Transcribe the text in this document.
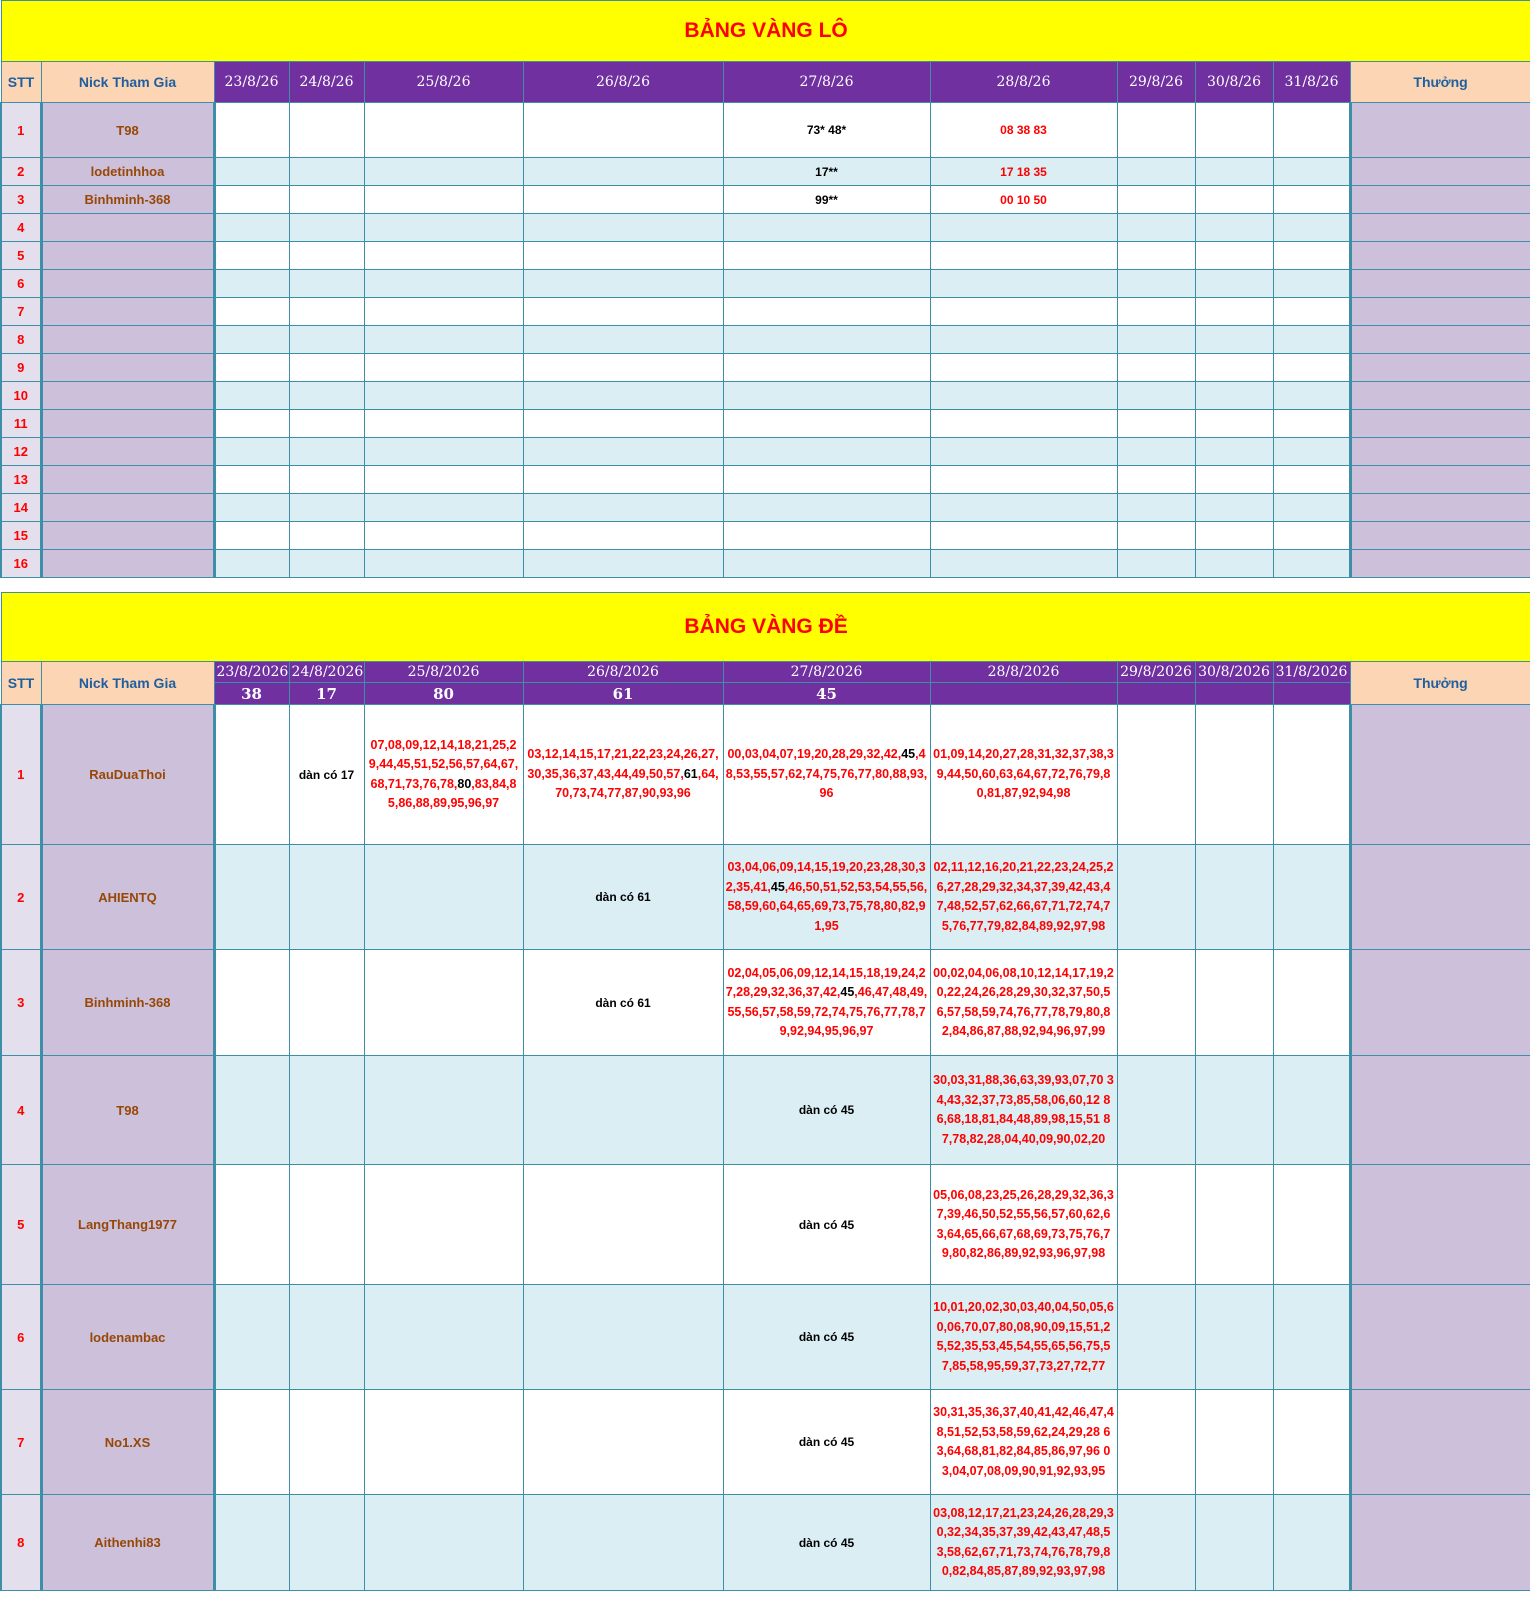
BẢNG VÀNG LÔ											
STT	Nick Tham Gia	23/8/26	24/8/26	25/8/26	26/8/26	27/8/26	28/8/26	29/8/26	30/8/26	31/8/26	Thưởng
1	T98					73* 48*	08 38 83				
2	lodetinhhoa					17**	17 18 35				
3	Binhminh-368					99**	00 10 50				
4											
5											
6											
7											
8											
9											
10											
11											
12											
13											
14											
15											
16											
BẢNG VÀNG ĐỀ											
STT	Nick Tham Gia	23/8/2026	24/8/2026	25/8/2026	26/8/2026	27/8/2026	28/8/2026	29/8/2026	30/8/2026	31/8/2026	Thưởng
		38	17	80	61	45					
1	RauDuaThoi		dàn có 17	07,08,09,12,14,18,21,25,29,44,45,51,52,56,57,64,67,68,71,73,76,78,80,83,84,85,86,88,89,95,96,97	03,12,14,15,17,21,22,23,24,26,27,30,35,36,37,43,44,49,50,57,61,64,70,73,74,77,87,90,93,96	00,03,04,07,19,20,28,29,32,42,45,48,53,55,57,62,74,75,76,77,80,88,93,96	01,09,14,20,27,28,31,32,37,38,39,44,50,60,63,64,67,72,76,79,80,81,87,92,94,98				
2	AHIENTQ				dàn có 61	03,04,06,09,14,15,19,20,23,28,30,32,35,41,45,46,50,51,52,53,54,55,56,58,59,60,64,65,69,73,75,78,80,82,91,95	02,11,12,16,20,21,22,23,24,25,26,27,28,29,32,34,37,39,42,43,47,48,52,57,62,66,67,71,72,74,75,76,77,79,82,84,89,92,97,98				
3	Binhminh-368				dàn có 61	02,04,05,06,09,12,14,15,18,19,24,27,28,29,32,36,37,42,45,46,47,48,49,55,56,57,58,59,72,74,75,76,77,78,79,92,94,95,96,97	00,02,04,06,08,10,12,14,17,19,20,22,24,26,28,29,30,32,37,50,56,57,58,59,74,76,77,78,79,80,82,84,86,87,88,92,94,96,97,99				
4	T98					dàn có 45	30,03,31,88,36,63,39,93,07,70 34,43,32,37,73,85,58,06,60,12 86,68,18,81,84,48,89,98,15,51 87,78,82,28,04,40,09,90,02,20				
5	LangThang1977					dàn có 45	05,06,08,23,25,26,28,29,32,36,37,39,46,50,52,55,56,57,60,62,63,64,65,66,67,68,69,73,75,76,79,80,82,86,89,92,93,96,97,98				
6	lodenambac					dàn có 45	10,01,20,02,30,03,40,04,50,05,60,06,70,07,80,08,90,09,15,51,25,52,35,53,45,54,55,65,56,75,57,85,58,95,59,37,73,27,72,77				
7	No1.XS					dàn có 45	30,31,35,36,37,40,41,42,46,47,48,51,52,53,58,59,62,24,29,28 63,64,68,81,82,84,85,86,97,96 03,04,07,08,09,90,91,92,93,95				
8	Aithenhi83					dàn có 45	03,08,12,17,21,23,24,26,28,29,30,32,34,35,37,39,42,43,47,48,53,58,62,67,71,73,74,76,78,79,80,82,84,85,87,89,92,93,97,98				
